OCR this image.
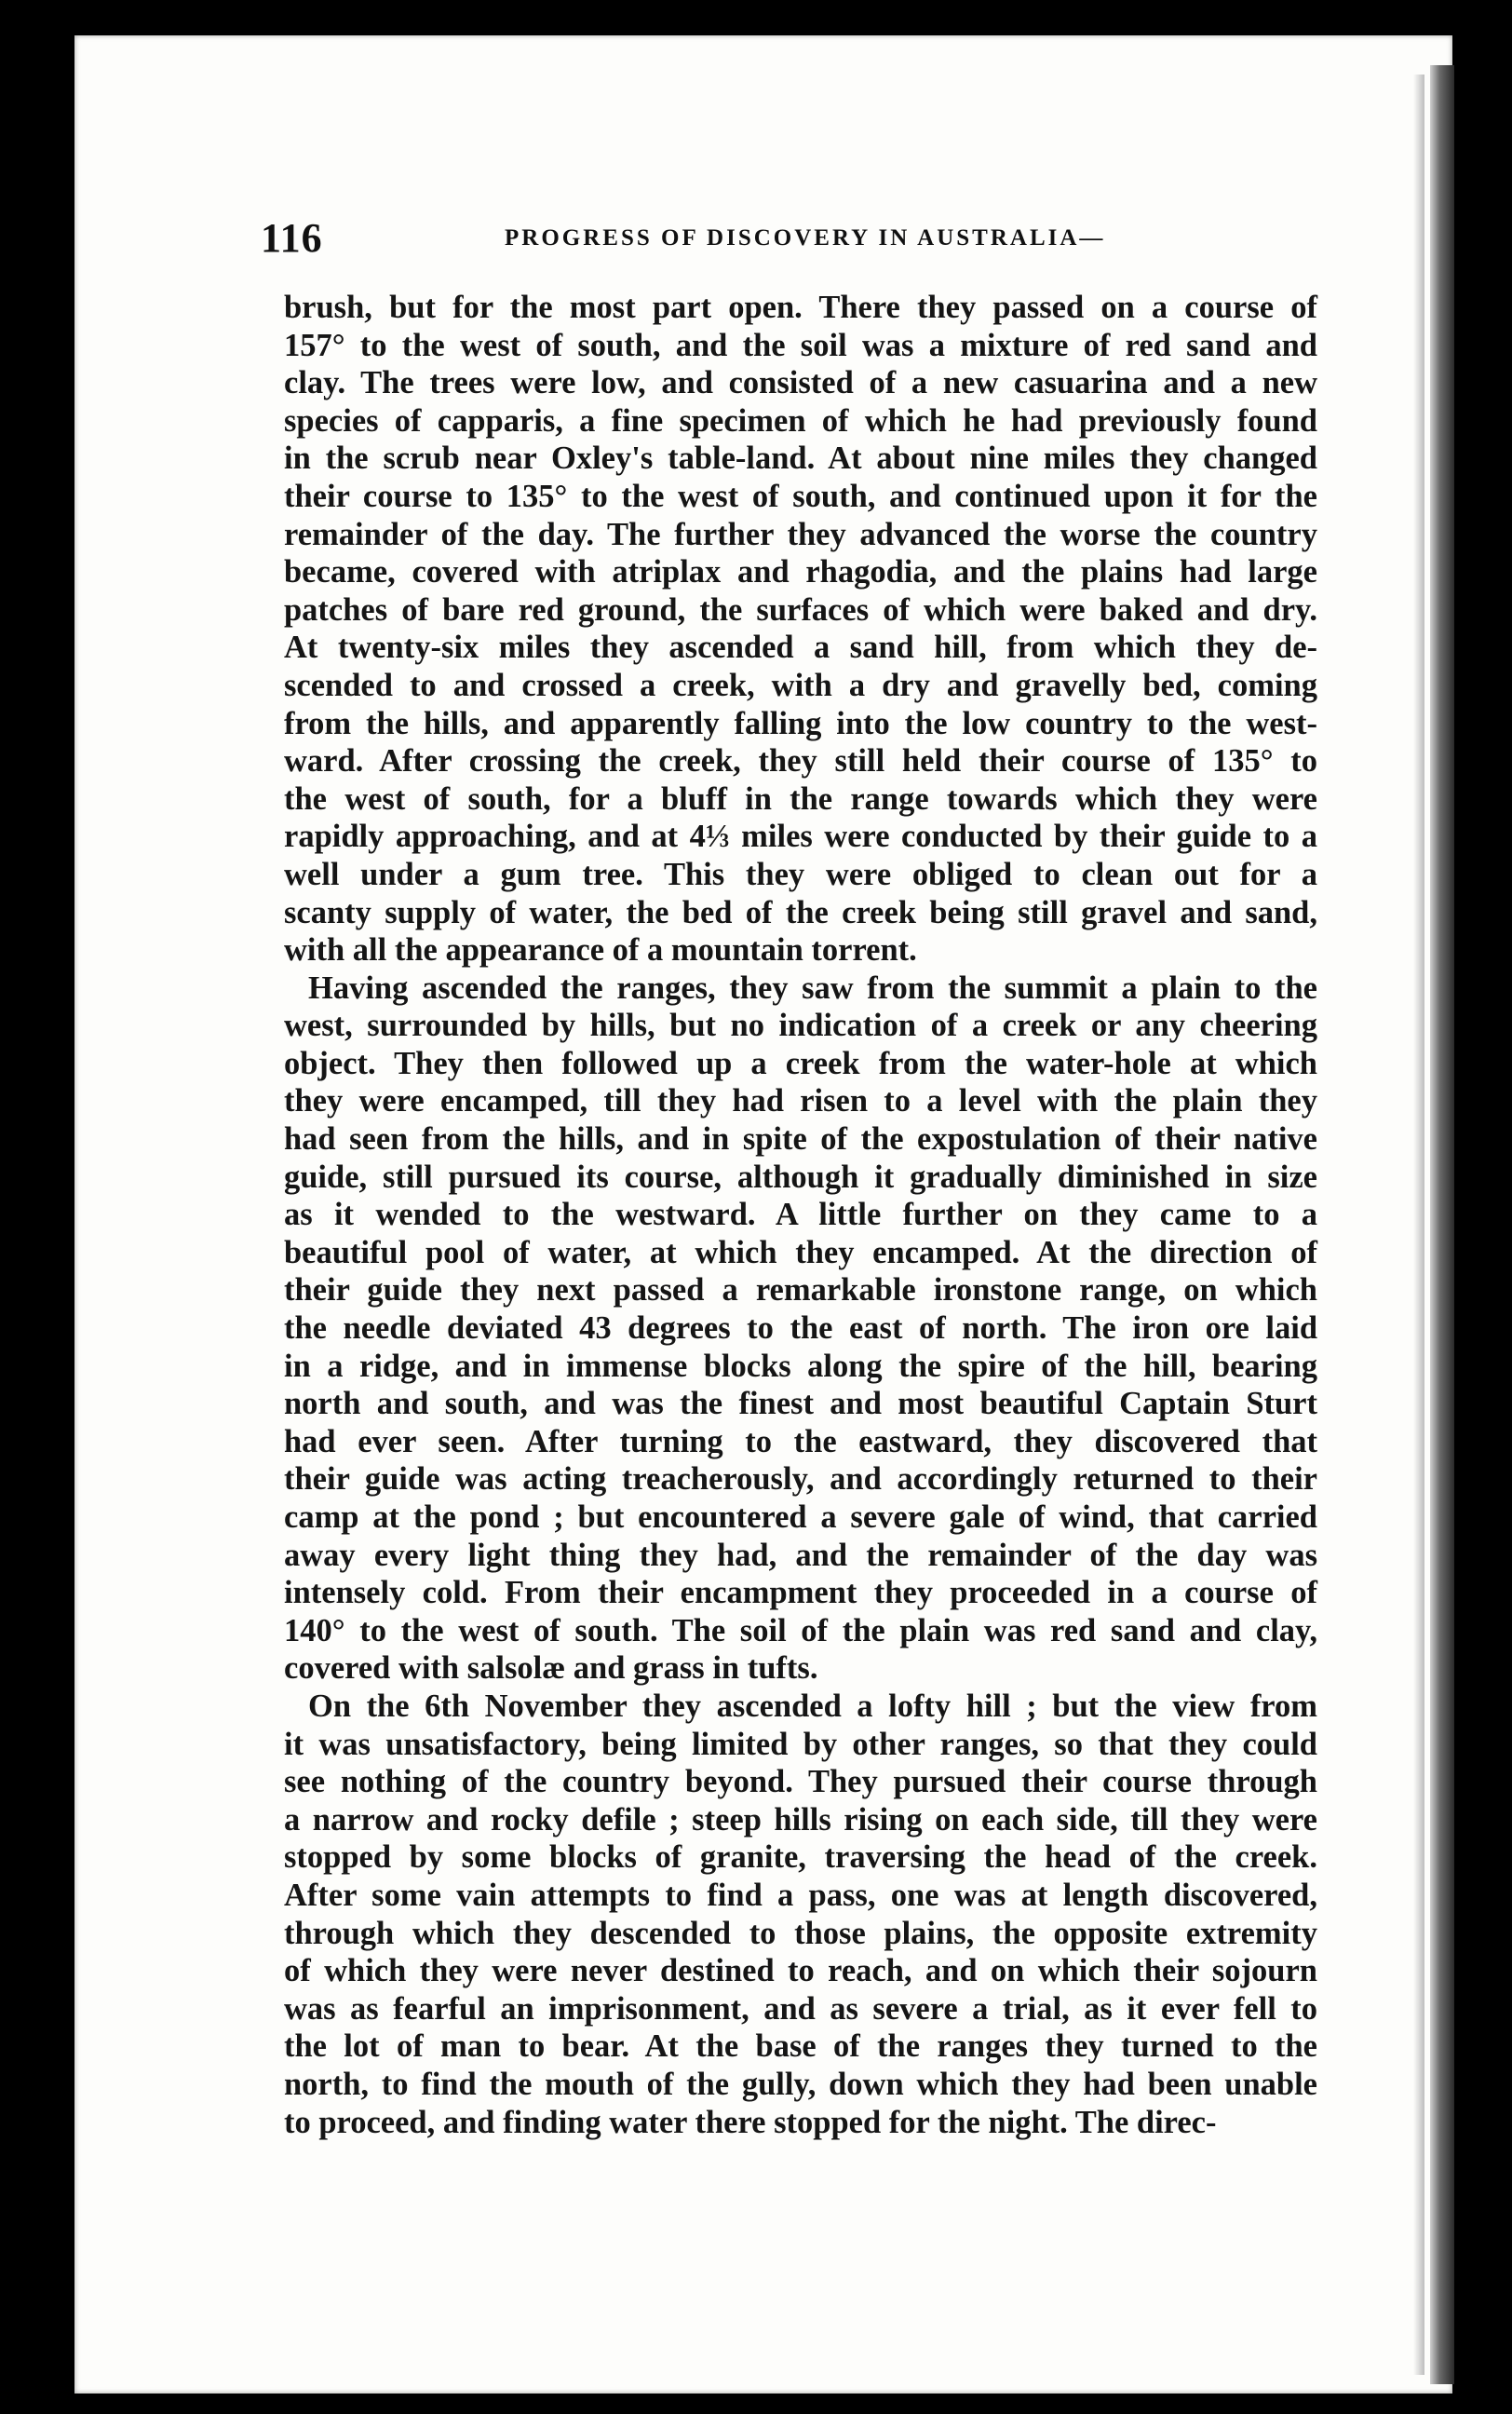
116	PROGRESS OF DISCOVERY IN AUSTRALIA—
brush, but for the most part open. There they passed on a course of
157° to the west of south, and the soil was a mixture of red sand and
clay. The trees were low, and consisted of a new casuarina and a new
species of capparis, a fine specimen of which he had previously found
in the scrub near Oxley's table-land. At about nine miles they changed
their course to 135° to the west of south, and continued upon it for the
remainder of the day. The further they advanced the worse the country
became, covered with atriplax and rhagodia, and the plains had large
patches of bare red ground, the surfaces of which were baked and dry.
At twenty-six miles they ascended a sand hill, from which they de-
scended to and crossed a creek, with a dry and gravelly bed, coming
from the hills, and apparently falling into the low country to the west-
ward. After crossing the creek, they still held their course of 135° to
the west of south, for a bluff in the range towards which they were
rapidly approaching, and at 4⅓ miles were conducted by their guide to a
well under a gum tree. This they were obliged to clean out for a
scanty supply of water, the bed of the creek being still gravel and sand,
with all the appearance of a mountain torrent.
Having ascended the ranges, they saw from the summit a plain to the
west, surrounded by hills, but no indication of a creek or any cheering
object. They then followed up a creek from the water-hole at which
they were encamped, till they had risen to a level with the plain they
had seen from the hills, and in spite of the expostulation of their native
guide, still pursued its course, although it gradually diminished in size
as it wended to the westward. A little further on they came to a
beautiful pool of water, at which they encamped. At the direction of
their guide they next passed a remarkable ironstone range, on which
the needle deviated 43 degrees to the east of north. The iron ore laid
in a ridge, and in immense blocks along the spire of the hill, bearing
north and south, and was the finest and most beautiful Captain Sturt
had ever seen. After turning to the eastward, they discovered that
their guide was acting treacherously, and accordingly returned to their
camp at the pond ; but encountered a severe gale of wind, that carried
away every light thing they had, and the remainder of the day was
intensely cold. From their encampment they proceeded in a course of
140° to the west of south. The soil of the plain was red sand and clay,
covered with salsolæ and grass in tufts.
On the 6th November they ascended a lofty hill ; but the view from
it was unsatisfactory, being limited by other ranges, so that they could
see nothing of the country beyond. They pursued their course through
a narrow and rocky defile ; steep hills rising on each side, till they were
stopped by some blocks of granite, traversing the head of the creek.
After some vain attempts to find a pass, one was at length discovered,
through which they descended to those plains, the opposite extremity
of which they were never destined to reach, and on which their sojourn
was as fearful an imprisonment, and as severe a trial, as it ever fell to
the lot of man to bear. At the base of the ranges they turned to the
north, to find the mouth of the gully, down which they had been unable
to proceed, and finding water there stopped for the night. The direc-
